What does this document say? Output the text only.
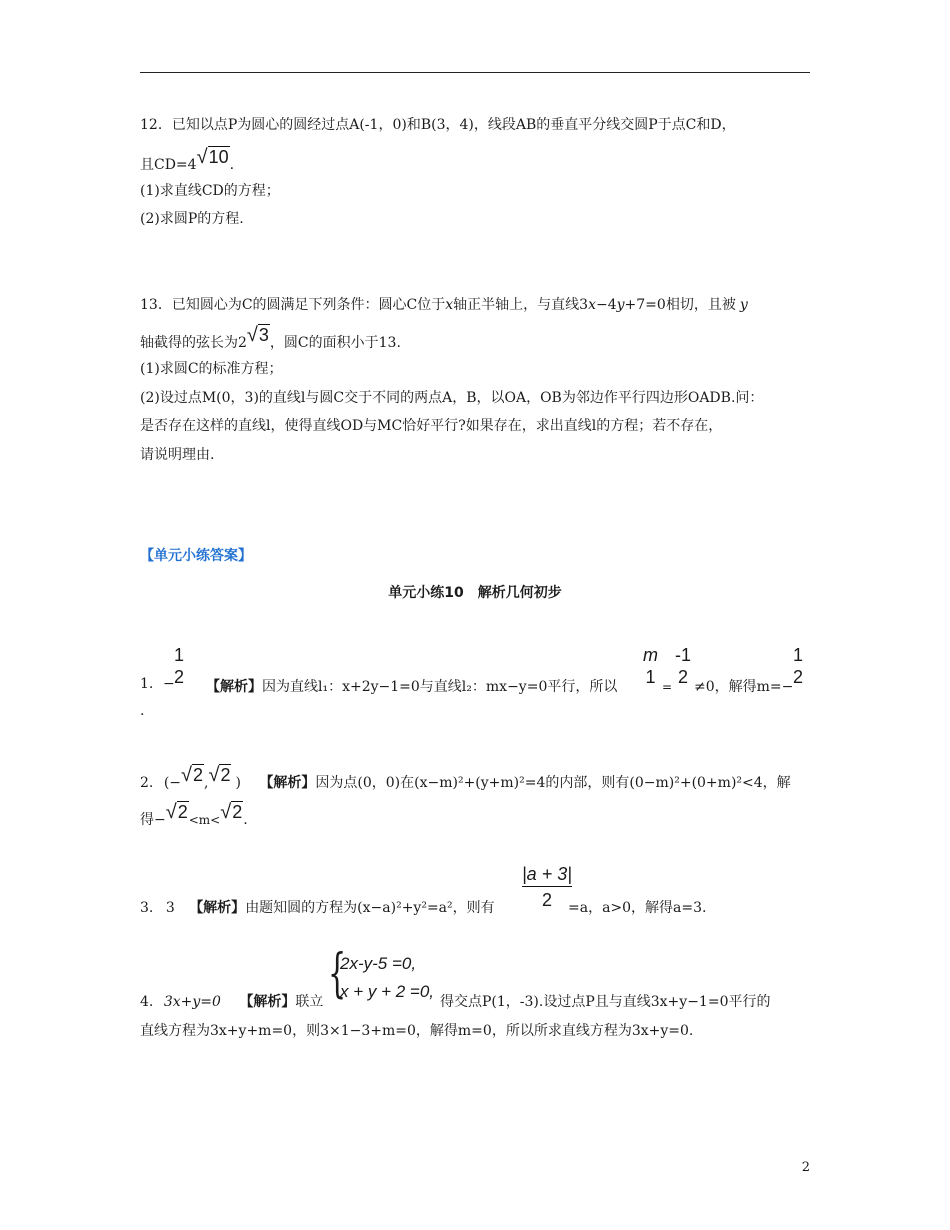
12．已知以点P为圆心的圆经过点A(-1，0)和B(3，4)，线段AB的垂直平分线交圆P于点C和D，
且CD=4√10.
(1)求直线CD的方程；
(2)求圆P的方程.
13．已知圆心为C的圆满足下列条件：圆心C位于x轴正半轴上，与直线3x−4y+7=0相切，且被 y
轴截得的弦长为2√3，圆C的面积小于13.
(1)求圆C的标准方程；
(2)设过点M(0，3)的直线l与圆C交于不同的两点A，B，以OA，OB为邻边作平行四边形OADB.问：
是否存在这样的直线l，使得直线OD与MC恰好平行?如果存在，求出直线l的方程；若不存在，
请说明理由.
【单元小练答案】
单元小练10　解析几何初步
1. −
1
2 【解析】因为直线l₁：x+2y−1=0与直线l₂：mx−y=0平行，所以
m
1 =
-1
2 ≠0，解得m=−
1
2
.
2. (−√2,√2 ) 【解析】因为点(0，0)在(x−m)²+(y+m)²=4的内部，则有(0−m)²+(0+m)²<4，解
得−√2<m<√2.
3. 3 【解析】由题知圆的方程为(x−a)²+y²=a²，则有 $\frac{|a + 3|}{2}$
=a，a>0，解得a=3.
4. 3x+y=0 【解析】联立 {
2x-y-5 =0,
x + y + 2 =0,
得交点P(1，-3).设过点P且与直线3x+y−1=0平行的
直线方程为3x+y+m=0，则3×1−3+m=0，解得m=0，所以所求直线方程为3x+y=0.
2
